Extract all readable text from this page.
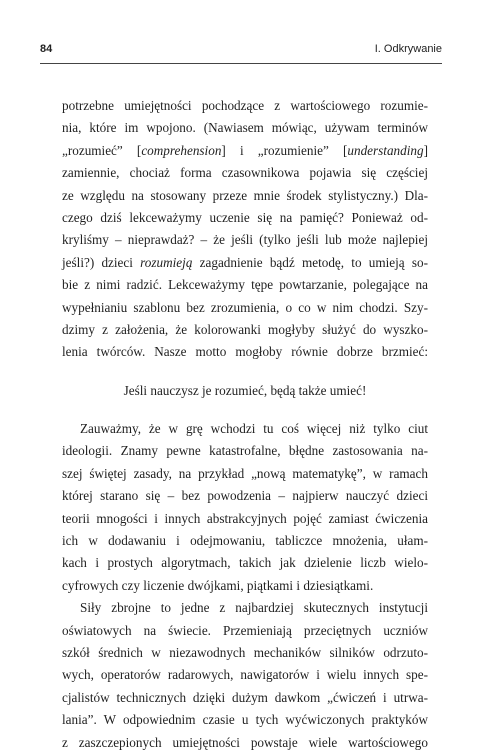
84	I. Odkrywanie
potrzebne umiejętności pochodzące z wartościowego rozumie-
nia, które im wpojono. (Nawiasem mówiąc, używam terminów
„rozumieć” [comprehension] i „rozumienie” [understanding]
zamiennie, chociaż forma czasownikowa pojawia się częściej
ze względu na stosowany przeze mnie środek stylistyczny.) Dla-
czego dziś lekceważymy uczenie się na pamięć? Ponieważ od-
kryliśmy – nieprawdaż? – że jeśli (tylko jeśli lub może najlepiej
jeśli?) dzieci rozumieją zagadnienie bądź metodę, to umieją so-
bie z nimi radzić. Lekceważymy tępe powtarzanie, polegające na
wypełnianiu szablonu bez zrozumienia, o co w nim chodzi. Szy-
dzimy z założenia, że kolorowanki mogłyby służyć do wyszko-
lenia twórców. Nasze motto mogłoby równie dobrze brzmieć:
Jeśli nauczysz je rozumieć, będą także umieć!
Zauważmy, że w grę wchodzi tu coś więcej niż tylko ciut
ideologii. Znamy pewne katastrofalne, błędne zastosowania na-
szej świętej zasady, na przykład „nową matematykę”, w ramach
której starano się – bez powodzenia – najpierw nauczyć dzieci
teorii mnogości i innych abstrakcyjnych pojęć zamiast ćwiczenia
ich w dodawaniu i odejmowaniu, tabliczce mnożenia, ułam-
kach i prostych algorytmach, takich jak dzielenie liczb wielo-
cyfrowych czy liczenie dwójkami, piątkami i dziesiątkami.
Siły zbrojne to jedne z najbardziej skutecznych instytucji
oświatowych na świecie. Przemieniają przeciętnych uczniów
szkół średnich w niezawodnych mechaników silników odrzuto-
wych, operatorów radarowych, nawigatorów i wielu innych spe-
cjalistów technicznych dzięki dużym dawkom „ćwiczeń i utrwa-
lania”. W odpowiednim czasie u tych wyćwiczonych praktyków
z zaszczepionych umiejętności powstaje wiele wartościowego
